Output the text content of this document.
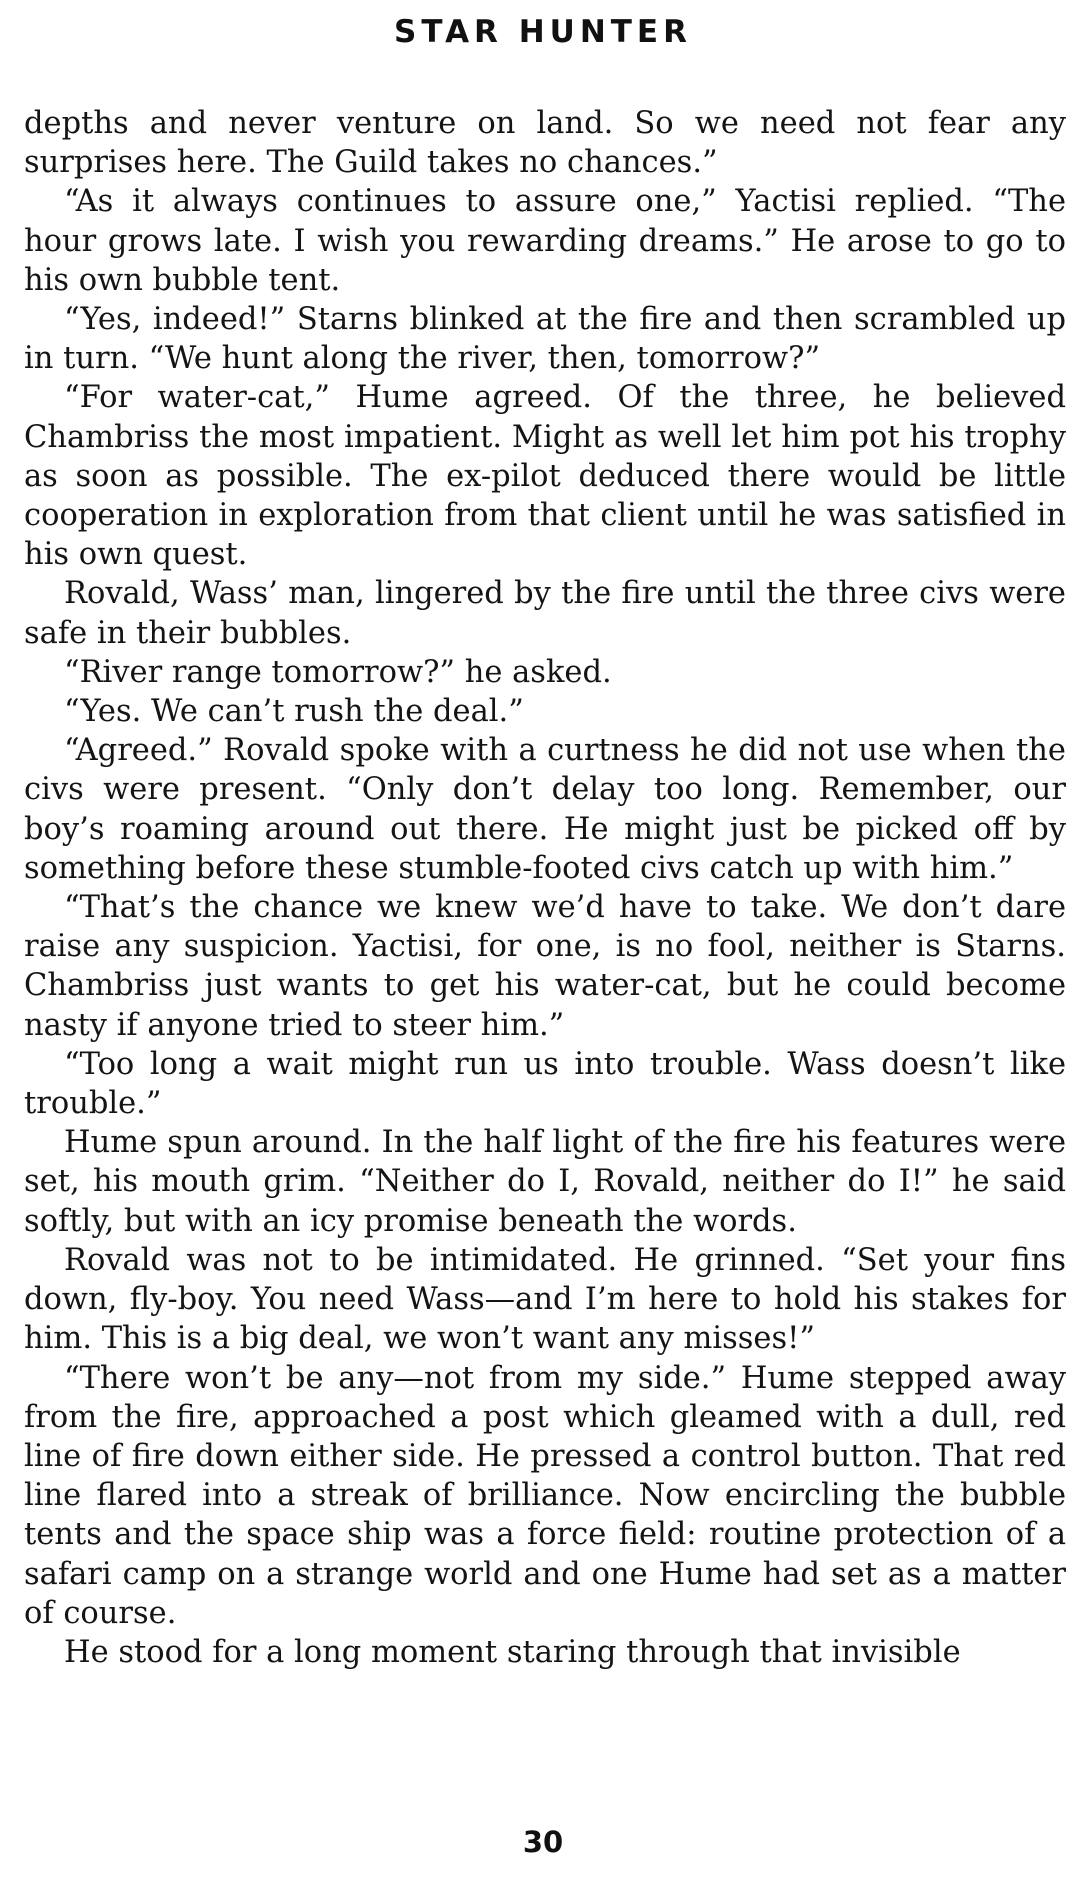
STAR HUNTER

depths and never venture on land. So we need not fear any surprises here. The Guild takes no chances.”

“As it always continues to assure one,” Yactisi replied. “The hour grows late. I wish you rewarding dreams.” He arose to go to his own bubble tent.

“Yes, indeed!” Starns blinked at the fire and then scrambled up in turn. “We hunt along the river, then, tomorrow?”

“For water-cat,” Hume agreed. Of the three, he believed Chambriss the most impatient. Might as well let him pot his trophy as soon as possible. The ex-pilot deduced there would be little cooperation in exploration from that client until he was satisfied in his own quest.

Rovald, Wass’ man, lingered by the fire until the three civs were safe in their bubbles.

“River range tomorrow?” he asked.

“Yes. We can’t rush the deal.”

“Agreed.” Rovald spoke with a curtness he did not use when the civs were present. “Only don’t delay too long. Remember, our boy’s roaming around out there. He might just be picked off by something before these stumble-footed civs catch up with him.”

“That’s the chance we knew we’d have to take. We don’t dare raise any suspicion. Yactisi, for one, is no fool, neither is Starns. Chambriss just wants to get his water-cat, but he could become nasty if anyone tried to steer him.”

“Too long a wait might run us into trouble. Wass doesn’t like trouble.”

Hume spun around. In the half light of the fire his features were set, his mouth grim. “Neither do I, Rovald, neither do I!” he said softly, but with an icy promise beneath the words.

Rovald was not to be intimidated. He grinned. “Set your fins down, fly-boy. You need Wass—and I’m here to hold his stakes for him. This is a big deal, we won’t want any misses!”

“There won’t be any—not from my side.” Hume stepped away from the fire, approached a post which gleamed with a dull, red line of fire down either side. He pressed a control button. That red line flared into a streak of brilliance. Now encircling the bubble tents and the space ship was a force field: routine protection of a safari camp on a strange world and one Hume had set as a matter of course.

He stood for a long moment staring through that invisible

30
